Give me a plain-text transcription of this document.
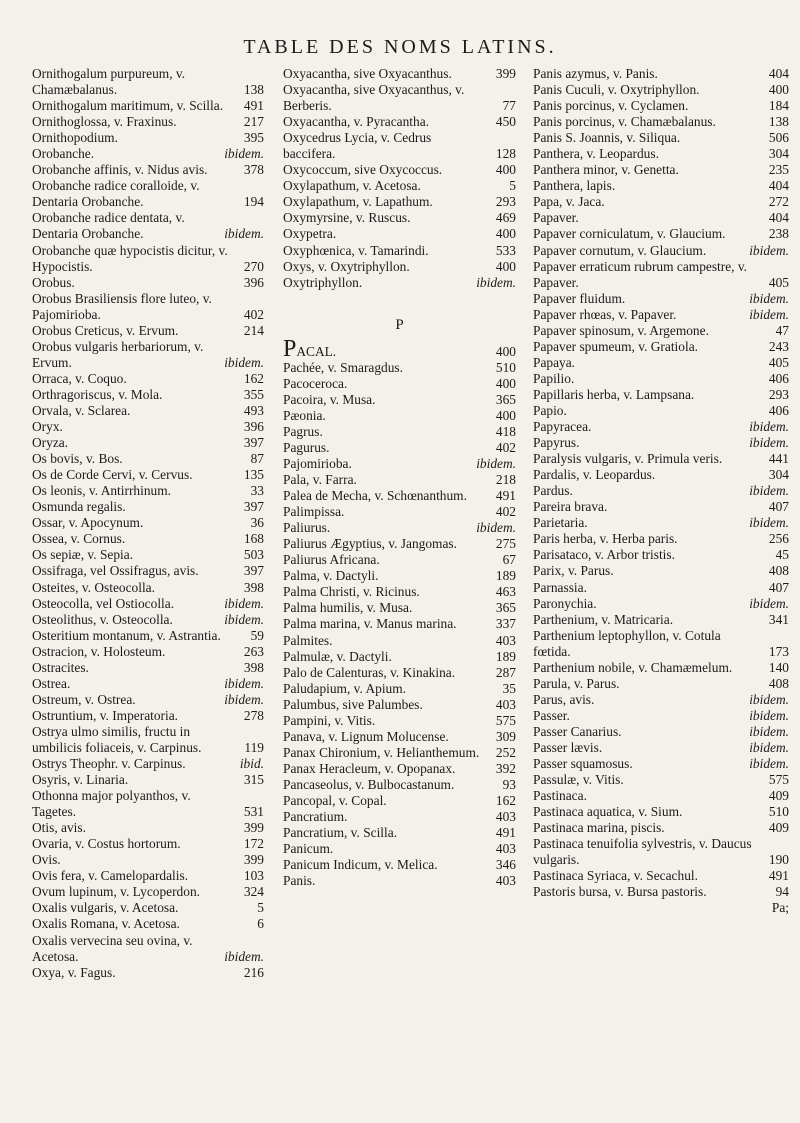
TABLE DES NOMS LATINS.
Ornithogalum purpureum, v. Chamæbalanus.	138
Ornithogalum maritimum, v. Scilla.	491
Ornithoglossa, v. Fraxinus.	217
Ornithopodium.	395
Orobanche.	ibidem.
Orobanche affinis, v. Nidus avis.	378
Orobanche radice coralloide, v. Dentaria Orobanche.	194
Orobanche radice dentata, v. Dentaria Orobanche.	ibidem.
Orobanche quæ hypocistis dicitur, v. Hypocistis.	270
Orobus.	396
Orobus Brasiliensis flore luteo, v. Pajomirioba.	402
Orobus Creticus, v. Ervum.	214
Orobus vulgaris herbariorum, v. Ervum.	ibidem.
Orraca, v. Coquo.	162
Orthragoriscus, v. Mola.	355
Orvala, v. Sclarea.	493
Oryx.	396
Oryza.	397
Os bovis, v. Bos.	87
Os de Corde Cervi, v. Cervus.	135
Os leonis, v. Antirrhinum.	33
Osmunda regalis.	397
Ossar, v. Apocynum.	36
Ossea, v. Cornus.	168
Os sepiæ, v. Sepia.	503
Ossifraga, vel Ossifragus, avis.	397
Osteites, v. Osteocolla.	398
Osteocolla, vel Ostiocolla.	ibidem.
Osteolithus, v. Osteocolla.	ibidem.
Osteritium montanum, v. Astrantia.	59
Ostracion, v. Holosteum.	263
Ostracites.	398
Ostrea.	ibidem.
Ostreum, v. Ostrea.	ibidem.
Ostruntium, v. Imperatoria.	278
Ostrya ulmo similis, fructu in umbilicis foliaceis, v. Carpinus.	119
Ostrys Theophr. v. Carpinus.	ibid.
Osyris, v. Linaria.	315
Othonna major polyanthos, v. Tagetes.	531
Otis, avis.	399
Ovaria, v. Costus hortorum.	172
Ovis.	399
Ovis fera, v. Camelopardalis.	103
Ovum lupinum, v. Lycoperdon.	324
Oxalis vulgaris, v. Acetosa.	5
Oxalis Romana, v. Acetosa.	6
Oxalis vervecina seu ovina, v. Acetosa.	ibidem.
Oxya, v. Fagus.	216
Oxyacantha, sive Oxyacanthus.	399
Oxyacantha, sive Oxyacanthus, v. Berberis.	77
Oxyacantha, v. Pyracantha.	450
Oxycedrus Lycia, v. Cedrus baccifera.	128
Oxycoccum, sive Oxycoccus.	400
Oxylapathum, v. Acetosa.	5
Oxylapathum, v. Lapathum.	293
Oxymyrsine, v. Ruscus.	469
Oxypetra.	400
Oxyphœnica, v. Tamarindi.	533
Oxys, v. Oxytriphyllon.	400
Oxytriphyllon.	ibidem.
P
PACAL.	400
Pachée, v. Smaragdus.	510
Pacoceroca.	400
Pacoira, v. Musa.	365
Pæonia.	400
Pagrus.	418
Pagurus.	402
Pajomirioba.	ibidem.
Pala, v. Farra.	218
Palea de Mecha, v. Schœnanthum.	491
Palimpissa.	402
Paliurus.	ibidem.
Paliurus Ægyptius, v. Jangomas.	275
Paliurus Africana.	67
Palma, v. Dactyli.	189
Palma Christi, v. Ricinus.	463
Palma humilis, v. Musa.	365
Palma marina, v. Manus marina.	337
Palmites.	403
Palmulæ, v. Dactyli.	189
Palo de Calenturas, v. Kinakina.	287
Paludapium, v. Apium.	35
Palumbus, sive Palumbes.	403
Pampini, v. Vitis.	575
Panava, v. Lignum Molucense.	309
Panax Chironium, v. Helianthemum.	252
Panax Heracleum, v. Opopanax.	392
Pancaseolus, v. Bulbocastanum.	93
Pancopal, v. Copal.	162
Pancratium.	403
Pancratium, v. Scilla.	491
Panicum.	403
Panicum Indicum, v. Melica.	346
Panis.	403
Panis azymus, v. Panis.	404
Panis Cuculi, v. Oxytriphyllon.	400
Panis porcinus, v. Cyclamen.	184
Panis porcinus, v. Chamæbalanus.	138
Panis S. Joannis, v. Siliqua.	506
Panthera, v. Leopardus.	304
Panthera minor, v. Genetta.	235
Panthera, lapis.	404
Papa, v. Jaca.	272
Papaver.	404
Papaver corniculatum, v. Glaucium.	238
Papaver cornutum, v. Glaucium.	ibidem.
Papaver erraticum rubrum campestre, v. Papaver.	405
Papaver fluidum.	ibidem.
Papaver rhœas, v. Papaver.	ibidem.
Papaver spinosum, v. Argemone.	47
Papaver spumeum, v. Gratiola.	243
Papaya.	405
Papilio.	406
Papillaris herba, v. Lampsana.	293
Papio.	406
Papyracea.	ibidem.
Papyrus.	ibidem.
Paralysis vulgaris, v. Primula veris.	441
Pardalis, v. Leopardus.	304
Pardus.	ibidem.
Pareira brava.	407
Parietaria.	ibidem.
Paris herba, v. Herba paris.	256
Parisataco, v. Arbor tristis.	45
Parix, v. Parus.	408
Parnassia.	407
Paronychia.	ibidem.
Parthenium, v. Matricaria.	341
Parthenium leptophyllon, v. Cotula fœtida.	173
Parthenium nobile, v. Chamæmelum.	140
Parula, v. Parus.	408
Parus, avis.	ibidem.
Passer.	ibidem.
Passer Canarius.	ibidem.
Passer lævis.	ibidem.
Passer squamosus.	ibidem.
Passulæ, v. Vitis.	575
Pastinaca.	409
Pastinaca aquatica, v. Sium.	510
Pastinaca marina, piscis.	409
Pastinaca tenuifolia sylvestris, v. Daucus vulgaris.	190
Pastinaca Syriaca, v. Secachul.	491
Pastoris bursa, v. Bursa pastoris.	94
Pa;
